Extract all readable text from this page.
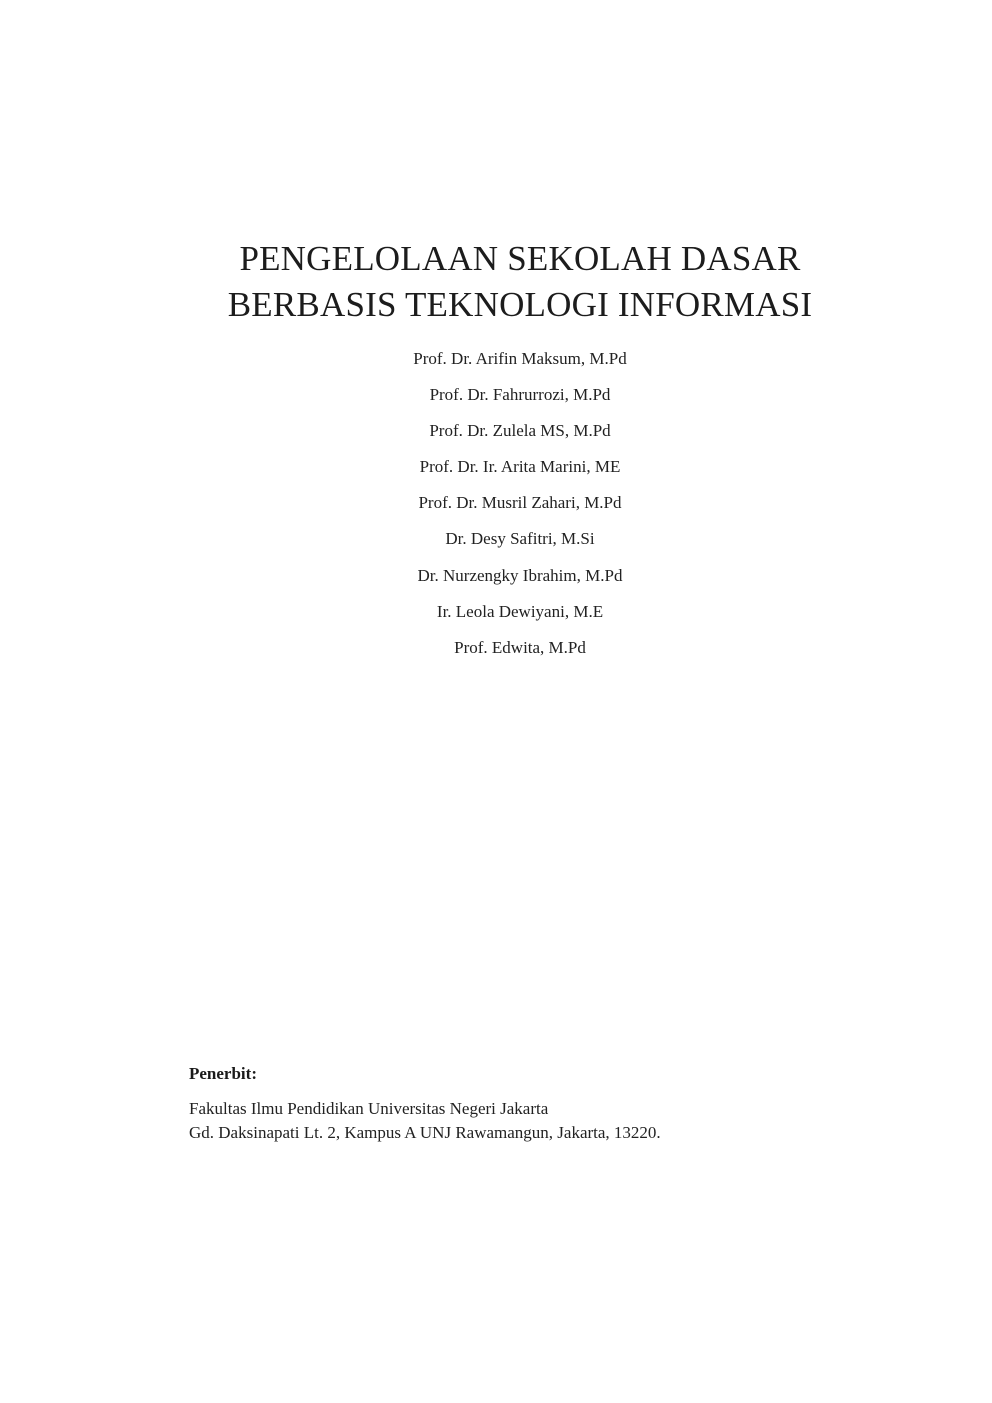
PENGELOLAAN SEKOLAH DASAR
BERBASIS TEKNOLOGI INFORMASI
Prof. Dr. Arifin Maksum, M.Pd
Prof. Dr. Fahrurrozi, M.Pd
Prof. Dr. Zulela MS, M.Pd
Prof. Dr. Ir. Arita Marini, ME
Prof. Dr. Musril Zahari, M.Pd
Dr. Desy Safitri, M.Si
Dr. Nurzengky Ibrahim, M.Pd
Ir. Leola Dewiyani, M.E
Prof. Edwita, M.Pd
Penerbit:
Fakultas Ilmu Pendidikan Universitas Negeri Jakarta
Gd. Daksinapati Lt. 2, Kampus A UNJ Rawamangun, Jakarta, 13220.
